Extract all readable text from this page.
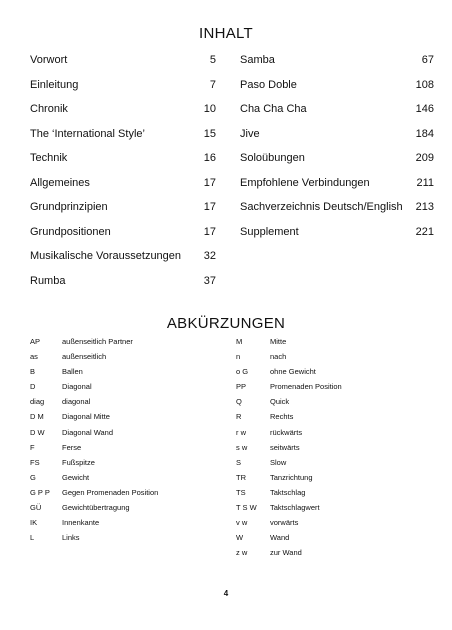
INHALT
Vorwort	5
Einleitung	7
Chronik	10
The ‘International Style’	15
Technik	16
Allgemeines	17
Grundprinzipien	17
Grundpositionen	17
Musikalische Voraussetzungen 32
Rumba	37
Samba	67
Paso Doble	108
Cha Cha Cha	146
Jive	184
Soloübungen	209
Empfohlene Verbindungen	211
Sachverzeichnis Deutsch/English 213
Supplement	221
ABKÜRZUNGEN
AP	außenseitlich Partner
as	außenseitlich
B	Ballen
D	Diagonal
diag	diagonal
D M	Diagonal Mitte
D W	Diagonal Wand
F	Ferse
FS	Fußspitze
G	Gewicht
G P P	Gegen Promenaden Position
GÜ	Gewichtübertragung
IK	Innenkante
L	Links
M	Mitte
n	nach
o G	ohne Gewicht
PP	Promenaden Position
Q	Quick
R	Rechts
r w	rückwärts
s w	seitwärts
S	Slow
TR	Tanzrichtung
TS	Taktschlag
T S W	Taktschlagwert
v w	vorwärts
W	Wand
z w	zur Wand
4
